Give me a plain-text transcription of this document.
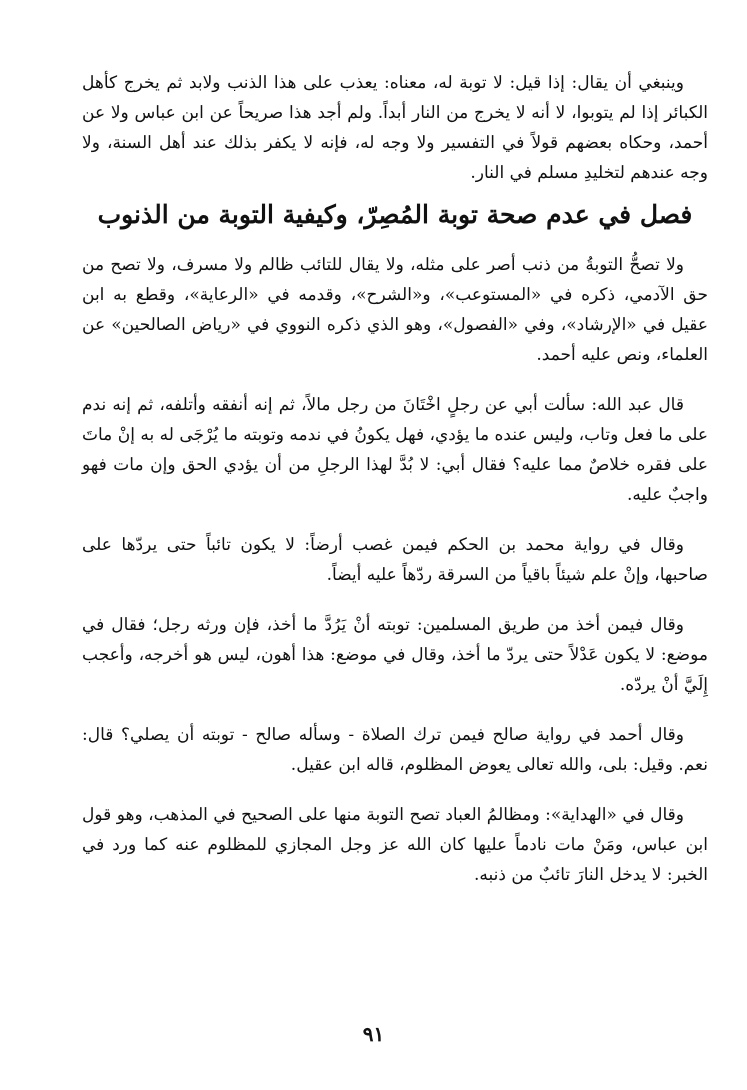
وينبغي أن يقال: إذا قيل: لا توبة له، معناه: يعذب على هذا الذنب ولابد ثم يخرج كأهل الكبائر إذا لم يتوبوا، لا أنه لا يخرج من النار أبداً. ولم أجد هذا صريحاً عن ابن عباس ولا عن أحمد، وحكاه بعضهم قولاً في التفسير ولا وجه له، فإنه لا يكفر بذلك عند أهل السنة، ولا وجه عندهم لتخليدِ مسلم في النار.

فصل في عدم صحة توبة المُصِرّ، وكيفية التوبة من الذنوب

ولا تصحُّ التوبةُ من ذنب أصر على مثله، ولا يقال للتائب ظالم ولا مسرف، ولا تصح من حق الآدمي، ذكره في «المستوعب»، و«الشرح»، وقدمه في «الرعاية»، وقطع به ابن عقيل في «الإرشاد»، وفي «الفصول»، وهو الذي ذكره النووي في «رياض الصالحين» عن العلماء، ونص عليه أحمد.

قال عبد الله: سألت أبي عن رجلٍ اخْتَانَ من رجل مالاً، ثم إنه أنفقه وأتلفه، ثم إنه ندم على ما فعل وتاب، وليس عنده ما يؤدي، فهل يكونُ في ندمه وتوبته ما يُرْجَى له به إنْ ماتَ على فقره خلاصٌ مما عليه؟ فقال أبي: لا بُدَّ لهذا الرجلِ من أن يؤدي الحق وإن مات فهو واجبٌ عليه.

وقال في رواية محمد بن الحكم فيمن غصب أرضاً: لا يكون تائباً حتى يردّها على صاحبها، وإنْ علم شيئاً باقياً من السرقة ردّهاً عليه أيضاً.

وقال فيمن أخذ من طريق المسلمين: توبته أنْ يَرُدَّ ما أخذ، فإن ورثه رجل؛ فقال في موضع: لا يكون عَدْلاً حتى يردّ ما أخذ، وقال في موضع: هذا أهون، ليس هو أخرجه، وأعجب إِلَيَّ أنْ يردّه.

وقال أحمد في رواية صالح فيمن ترك الصلاة - وسأله صالح - توبته أن يصلي؟ قال: نعم. وقيل: بلى، والله تعالى يعوض المظلوم، قاله ابن عقيل.

وقال في «الهداية»: ومظالمُ العباد تصح التوبة منها على الصحيح في المذهب، وهو قول ابن عباس، ومَنْ مات نادماً عليها كان الله عز وجل المجازي للمظلوم عنه كما ورد في الخبر: لا يدخل النارَ تائبٌ من ذنبه.

٩١
